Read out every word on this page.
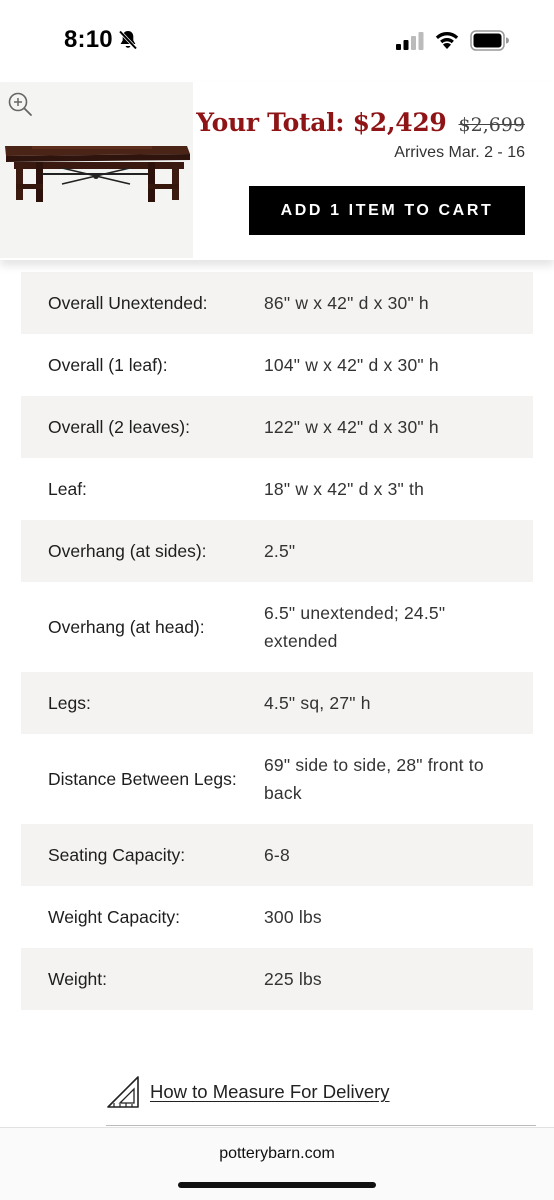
8:10
Your Total: $2,429 $2,699
Arrives Mar. 2 - 16
ADD 1 ITEM TO CART
Overall Unextended:	86" w x 42" d x 30" h
Overall (1 leaf):	104" w x 42" d x 30" h
Overall (2 leaves):	122" w x 42" d x 30" h
Leaf:	18" w x 42" d x 3" th
Overhang (at sides):	2.5"
Overhang (at head):
6.5" unextended; 24.5" extended
Legs:	4.5" sq, 27" h
Distance Between Legs:
69" side to side, 28" front to back
Seating Capacity:	6-8
Weight Capacity:	300 lbs
Weight:	225 lbs
How to Measure For Delivery
potterybarn.com
